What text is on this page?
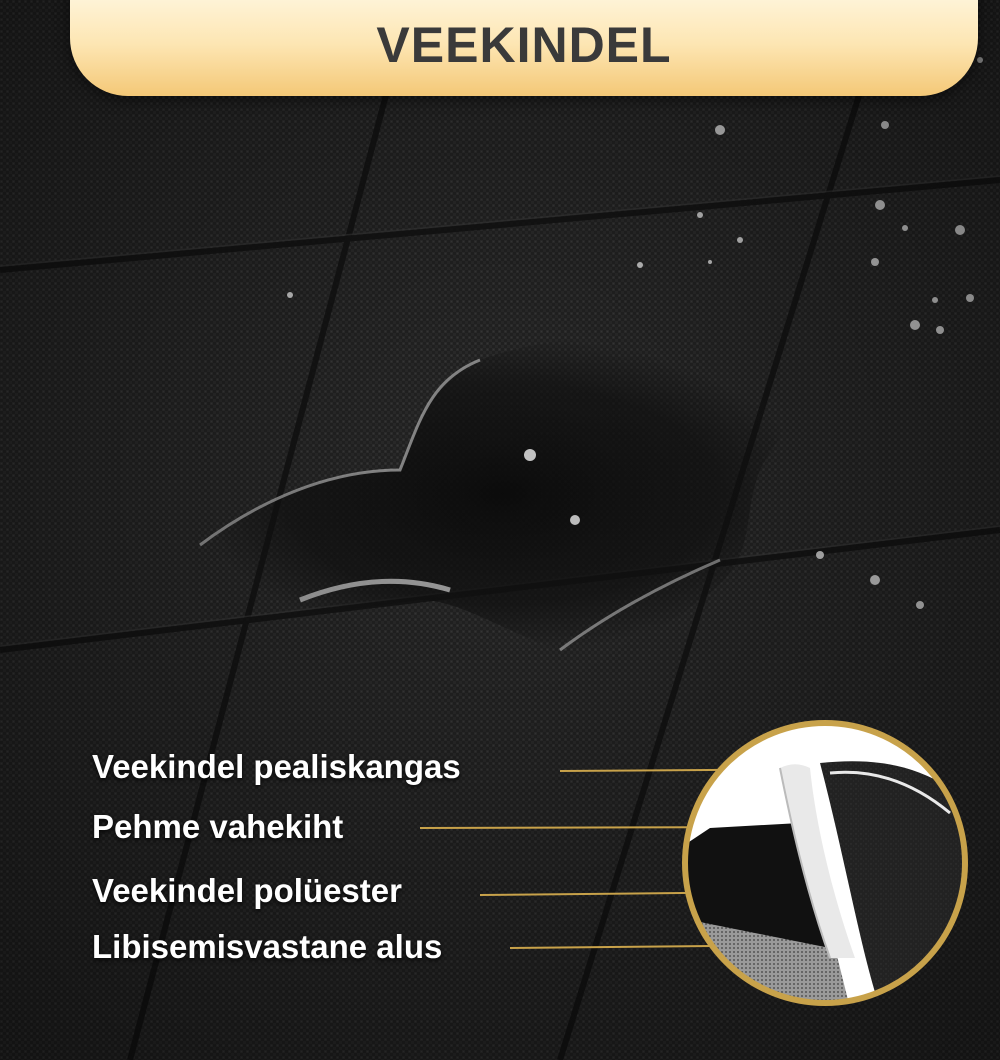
VEEKINDEL
Veekindel pealiskangas
Pehme vahekiht
Veekindel polüester
Libisemisvastane alus
